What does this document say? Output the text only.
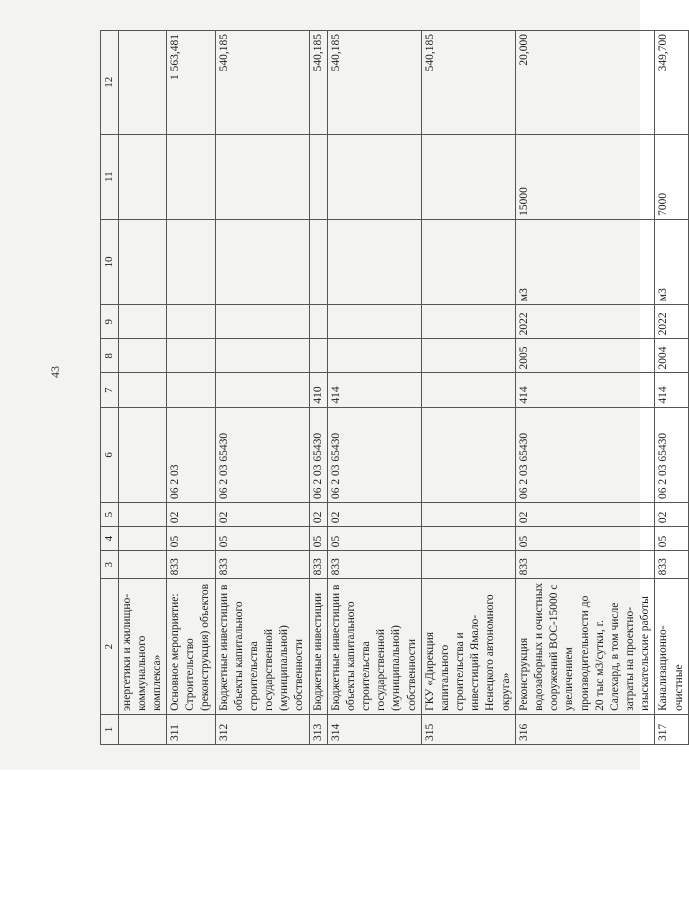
43
1	2	3	4	5	6	7	8	9	10	11	12
	энергетики и жилищно-коммунального комплекса»										
311	Основное мероприятие: Строительство (реконструкция) объектов	833	05	02	06 2 03						1 563,481
312	Бюджетные инвестиции в объекты капитального строительства государственной (муниципальной) собственности	833	05	02	06 2 03 65430						540,185
313	Бюджетные инвестиции	833	05	02	06 2 03 65430	410					540,185
314	Бюджетные инвестиции в объекты капитального строительства государственной (муниципальной) собственности	833	05	02	06 2 03 65430	414					540,185
315	ГКУ «Дирекция капитального строительства и инвестиций Ямало-Ненецкого автономного округа»										540,185
316	Реконструкция водозаборных и очистных сооружений ВОС-15000 с увеличением производительности до 20 тыс м3/сутки, г. Салехард, в том числе затраты на проектно-изыскательские работы	833	05	02	06 2 03 65430	414	2005	2022	м3	15000	20,000
317	Канализационно-очистные	833	05	02	06 2 03 65430	414	2004	2022	м3	7000	349,700
